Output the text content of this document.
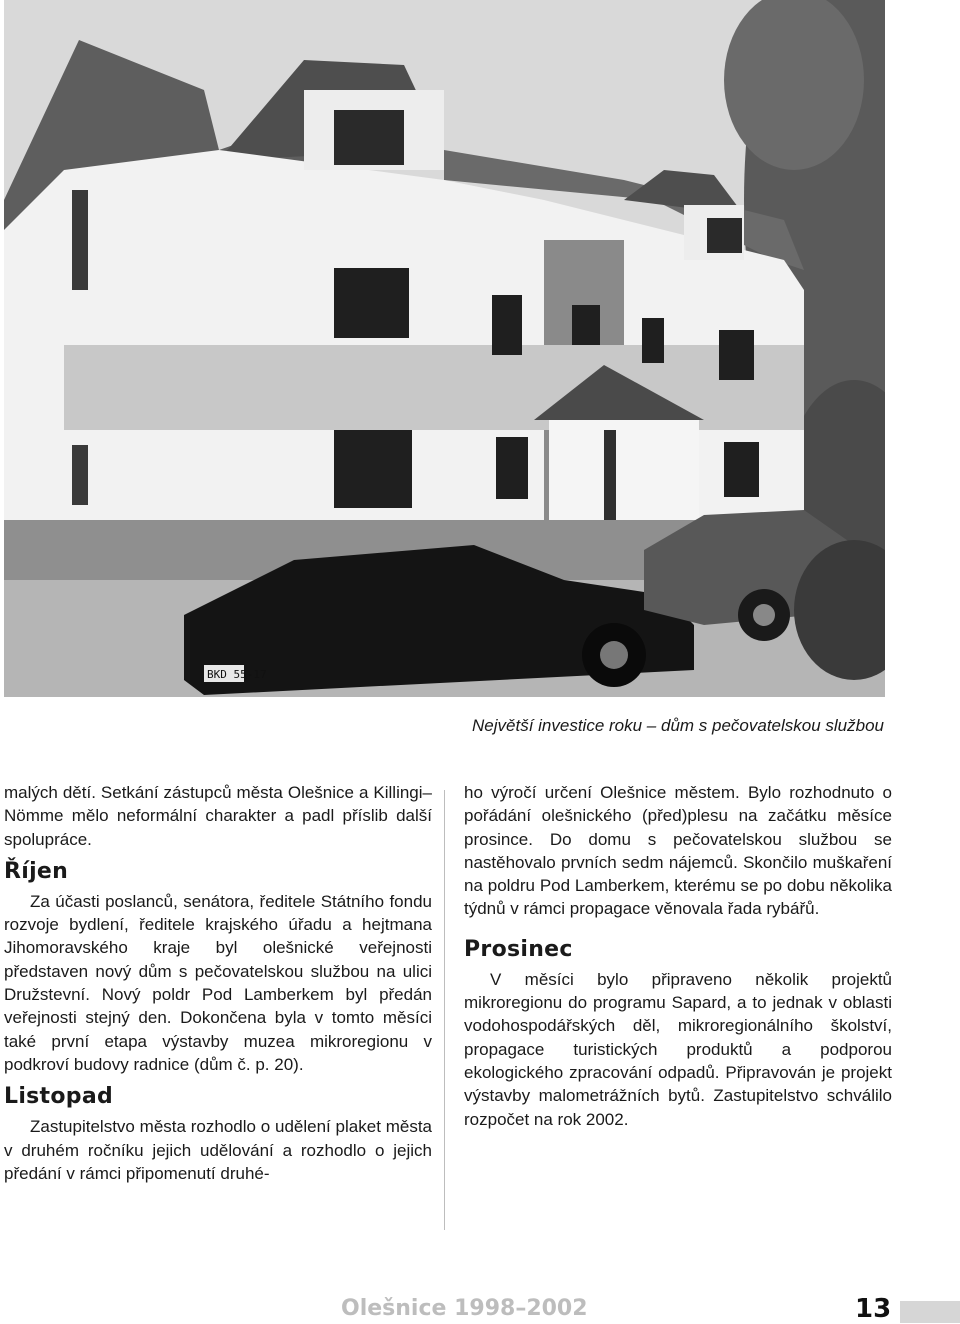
BKD 55-17
Největší investice roku – dům s pečovatelskou službou

malých dětí. Setkání zástupců města Olešnice a Killingi–Nömme mělo neformální charakter a padl příslib další spolupráce.

Říjen

Za účasti poslanců, senátora, ředitele Státního fondu rozvoje bydlení, ředitele krajského úřadu a hejtmana Jihomoravského kraje byl olešnické veřejnosti představen nový dům s pečovatelskou službou na ulici Družstevní. Nový poldr Pod Lamberkem byl předán veřejnosti stejný den. Dokončena byla v tomto měsíci také první etapa výstavby muzea mikroregionu v podkroví budovy radnice (dům č. p. 20).

Listopad

Zastupitelstvo města rozhodlo o udělení plaket města v druhém ročníku jejich udělování a rozhodlo o jejich předání v rámci připomenutí druhé-

ho výročí určení Olešnice městem. Bylo rozhodnuto o pořádání olešnického (před)plesu na začátku měsíce prosince. Do domu s pečovatelskou službou se nastěhovalo prvních sedm nájemců. Skončilo muškaření na poldru Pod Lamberkem, kterému se po dobu několika týdnů v rámci propagace věnovala řada rybářů.

Prosinec

V měsíci bylo připraveno několik projektů mikroregionu do programu Sapard, a to jednak v oblasti vodohospodářských děl, mikroregionálního školství, propagace turistických produktů a podporou ekologického zpracování odpadů. Připravován je projekt výstavby malometrážních bytů. Zastupitelstvo schválilo rozpočet na rok 2002.

Olešnice 1998–2002	13
